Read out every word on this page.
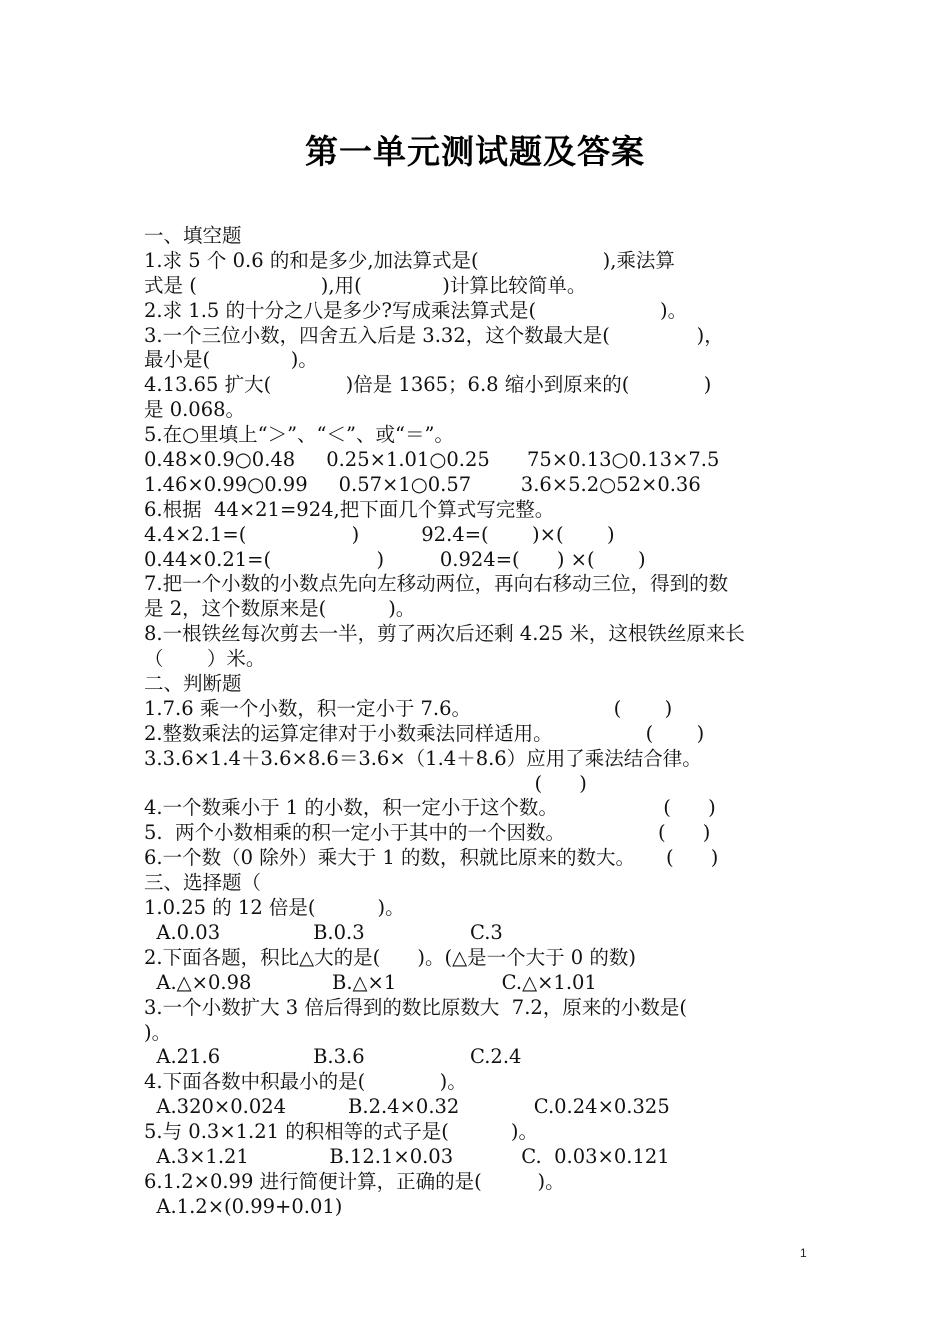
第一单元测试题及答案
一、填空题
1.求 5 个 0.6 的和是多少,加法算式是(                    ),乘法算
式是 (                    ),用(             )计算比较简单。
2.求 1.5 的十分之八是多少?写成乘法算式是(                    )。
3.一个三位小数，四舍五入后是 3.32，这个数最大是(              )，
最小是(             )。
4.13.65 扩大(            )倍是 1365；6.8 缩小到原来的(            )
是 0.068。
5.在○里填上“＞”、“＜”、或“＝”。
0.48×0.9○0.48     0.25×1.01○0.25      75×0.13○0.13×7.5
1.46×0.99○0.99     0.57×1○0.57        3.6×5.2○52×0.36
6.根据  44×21=924,把下面几个算式写完整。
4.4×2.1=(                 )          92.4=(       )×(       )
0.44×0.21=(                 )         0.924=(      ) ×(       )
7.把一个小数的小数点先向左移动两位，再向右移动三位，得到的数
是 2，这个数原来是(          )。
8.一根铁丝每次剪去一半，剪了两次后还剩 4.25 米，这根铁丝原来长
（       ）米。
二、判断题
1.7.6 乘一个小数，积一定小于 7.6。                       (       )
2.整数乘法的运算定律对于小数乘法同样适用。               (       )
3.3.6×1.4＋3.6×8.6＝3.6×（1.4＋8.6）应用了乘法结合律。
(      )
4.一个数乘小于 1 的小数，积一定小于这个数。                 (      )
5.  两个小数相乘的积一定小于其中的一个因数。               (      )
6.一个数（0 除外）乘大于 1 的数，积就比原来的数大。     (      )
三、选择题（
1.0.25 的 12 倍是(          )。
A.0.03               B.0.3                 C.3
2.下面各题，积比△大的是(      )。(△是一个大于 0 的数)
A.△×0.98             B.△×1                 C.△×1.01
3.一个小数扩大 3 倍后得到的数比原数大  7.2，原来的小数是(
)。
A.21.6               B.3.6                 C.2.4
4.下面各数中积最小的是(            )。
A.320×0.024          B.2.4×0.32            C.0.24×0.325
5.与 0.3×1.21 的积相等的式子是(          )。
A.3×1.21             B.12.1×0.03           C.  0.03×0.121
6.1.2×0.99 进行简便计算，正确的是(         )。
A.1.2×(0.99+0.01)
1
